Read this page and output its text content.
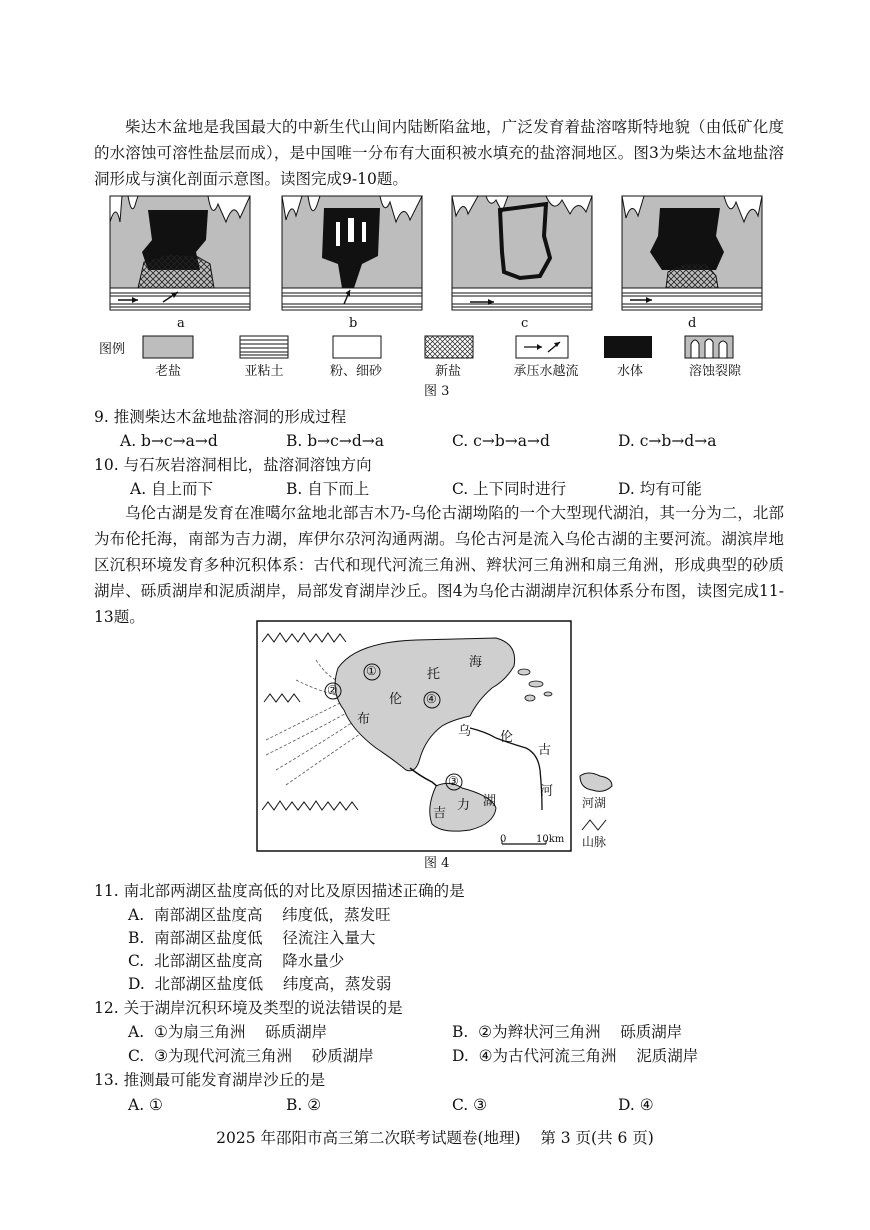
柴达木盆地是我国最大的中新生代山间内陆断陷盆地，广泛发育着盐溶喀斯特地貌（由低矿化度的水溶蚀可溶性盐层而成），是中国唯一分布有大面积被水填充的盐溶洞地区。图3为柴达木盆地盐溶洞形成与演化剖面示意图。读图完成9-10题。
a	b	c	d
图例
老盐	亚粘土	粉、细砂	新盐	承压水越流	水体	溶蚀裂隙
图 3
9. 推测柴达木盆地盐溶洞的形成过程
A. b→c→a→d	B. b→c→d→a	C. c→b→a→d	D. c→b→d→a
10. 与石灰岩溶洞相比，盐溶洞溶蚀方向
A. 自上而下	B. 自下而上	C. 上下同时进行	D. 均有可能
乌伦古湖是发育在准噶尔盆地北部吉木乃-乌伦古湖坳陷的一个大型现代湖泊，其一分为二，北部为布伦托海，南部为吉力湖，库伊尔尕河沟通两湖。乌伦古河是流入乌伦古湖的主要河流。湖滨岸地区沉积环境发育多种沉积体系：古代和现代河流三角洲、辫状河三角洲和扇三角洲，形成典型的砂质湖岸、砾质湖岸和泥质湖岸，局部发育湖岸沙丘。图4为乌伦古湖湖岸沉积体系分布图，读图完成11-13题。
①
②
③
④
布
伦
托
海
吉
力 湖
乌 伦
古
河
0	10km
河湖
山脉
图 4
11. 南北部两湖区盐度高低的对比及原因描述正确的是
A.  南部湖区盐度高    纬度低，蒸发旺
B.  南部湖区盐度低    径流注入量大
C.  北部湖区盐度高    降水量少
D.  北部湖区盐度低    纬度高，蒸发弱
12. 关于湖岸沉积环境及类型的说法错误的是
A.  ①为扇三角洲    砾质湖岸	B.  ②为辫状河三角洲    砾质湖岸
C.  ③为现代河流三角洲    砂质湖岸	D.  ④为古代河流三角洲    泥质湖岸
13. 推测最可能发育湖岸沙丘的是
A. ①	B. ②	C. ③	D. ④
2025 年邵阳市高三第二次联考试题卷(地理)    第 3 页(共 6 页)
